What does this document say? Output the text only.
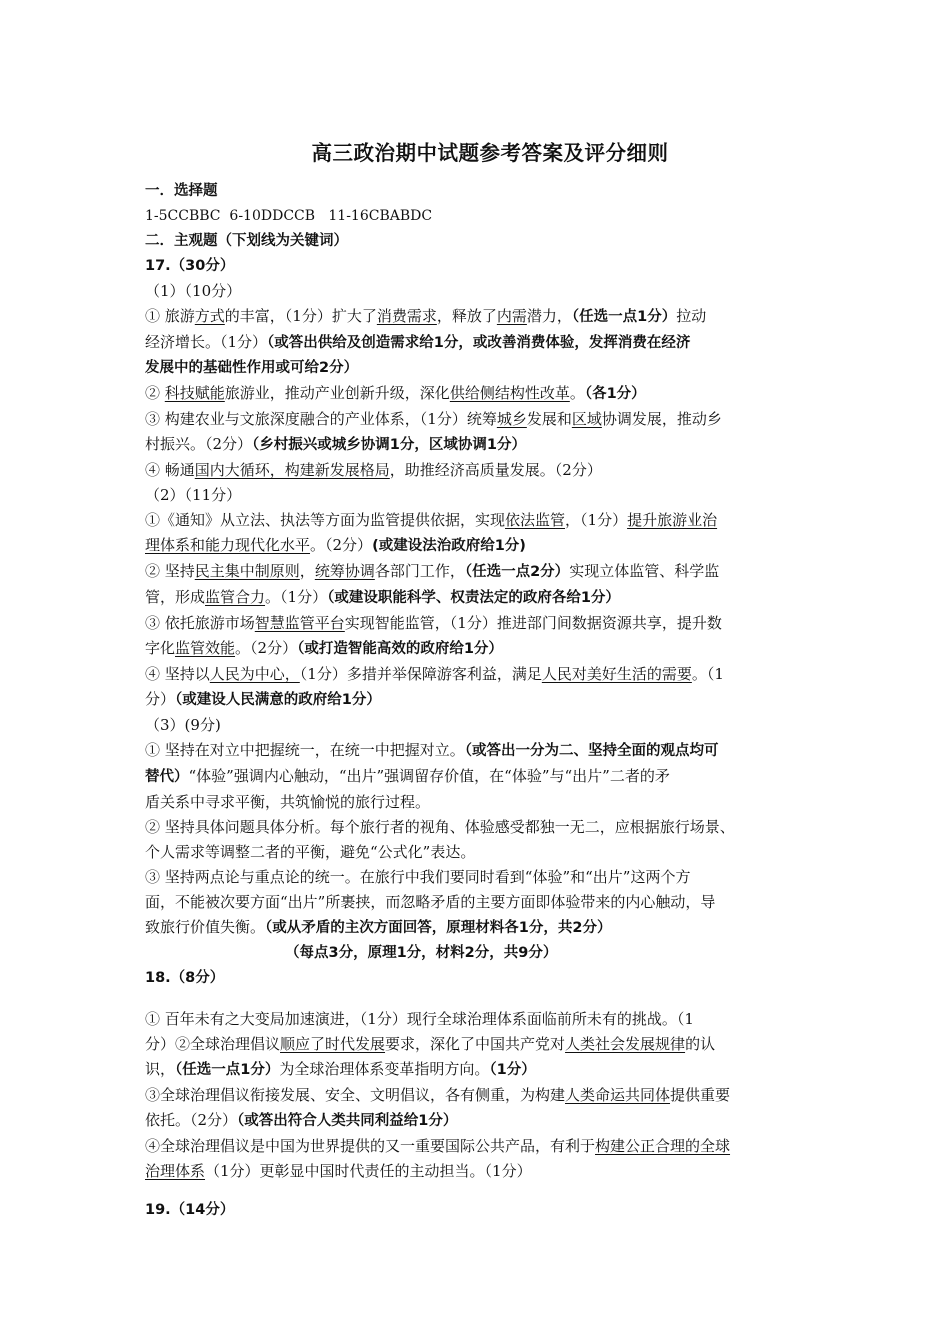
高三政治期中试题参考答案及评分细则

一．选择题

1-5CCBBC  6-10DDCCB   11-16CBABDC

二．主观题（下划线为关键词）

17.（30分）

（1）（10分）

① 旅游方式的丰富，（1分）扩大了消费需求，释放了内需潜力，（任选一点1分）拉动

经济增长。（1分）（或答出供给及创造需求给1分，或改善消费体验，发挥消费在经济

发展中的基础性作用或可给2分）

② 科技赋能旅游业，推动产业创新升级，深化供给侧结构性改革。（各1分）

③ 构建农业与文旅深度融合的产业体系，（1分）统筹城乡发展和区域协调发展，推动乡

村振兴。（2分）（乡村振兴或城乡协调1分，区域协调1分）

④ 畅通国内大循环，构建新发展格局，助推经济高质量发展。（2分）

（2）（11分）

①《通知》从立法、执法等方面为监管提供依据，实现依法监管，（1分）提升旅游业治

理体系和能力现代化水平。（2分）(或建设法治政府给1分)

② 坚持民主集中制原则，统筹协调各部门工作，（任选一点2分）实现立体监管、科学监

管，形成监管合力。（1分）（或建设职能科学、权责法定的政府各给1分）

③ 依托旅游市场智慧监管平台实现智能监管，（1分）推进部门间数据资源共享，提升数

字化监管效能。（2分）（或打造智能高效的政府给1分）

④ 坚持以人民为中心，（1分）多措并举保障游客利益，满足人民对美好生活的需要。（1

分）（或建设人民满意的政府给1分）

（3）(9分)

① 坚持在对立中把握统一，在统一中把握对立。（或答出一分为二、坚持全面的观点均可

替代）“体验”强调内心触动，“出片”强调留存价值，在“体验”与“出片”二者的矛

盾关系中寻求平衡，共筑愉悦的旅行过程。

② 坚持具体问题具体分析。每个旅行者的视角、体验感受都独一无二，应根据旅行场景、

个人需求等调整二者的平衡，避免“公式化”表达。

③ 坚持两点论与重点论的统一。在旅行中我们要同时看到“体验”和“出片”这两个方

面，不能被次要方面“出片”所裹挟，而忽略矛盾的主要方面即体验带来的内心触动，导

致旅行价值失衡。（或从矛盾的主次方面回答，原理材料各1分，共2分）

（每点3分，原理1分，材料2分，共9分）

18.（8分）

① 百年未有之大变局加速演进，（1分）现行全球治理体系面临前所未有的挑战。（1

分）②全球治理倡议顺应了时代发展要求，深化了中国共产党对人类社会发展规律的认

识，（任选一点1分）为全球治理体系变革指明方向。（1分）

③全球治理倡议衔接发展、安全、文明倡议，各有侧重，为构建人类命运共同体提供重要

依托。（2分）（或答出符合人类共同利益给1分）

④全球治理倡议是中国为世界提供的又一重要国际公共产品，有利于构建公正合理的全球

治理体系（1分）更彰显中国时代责任的主动担当。（1分）

19.（14分）
